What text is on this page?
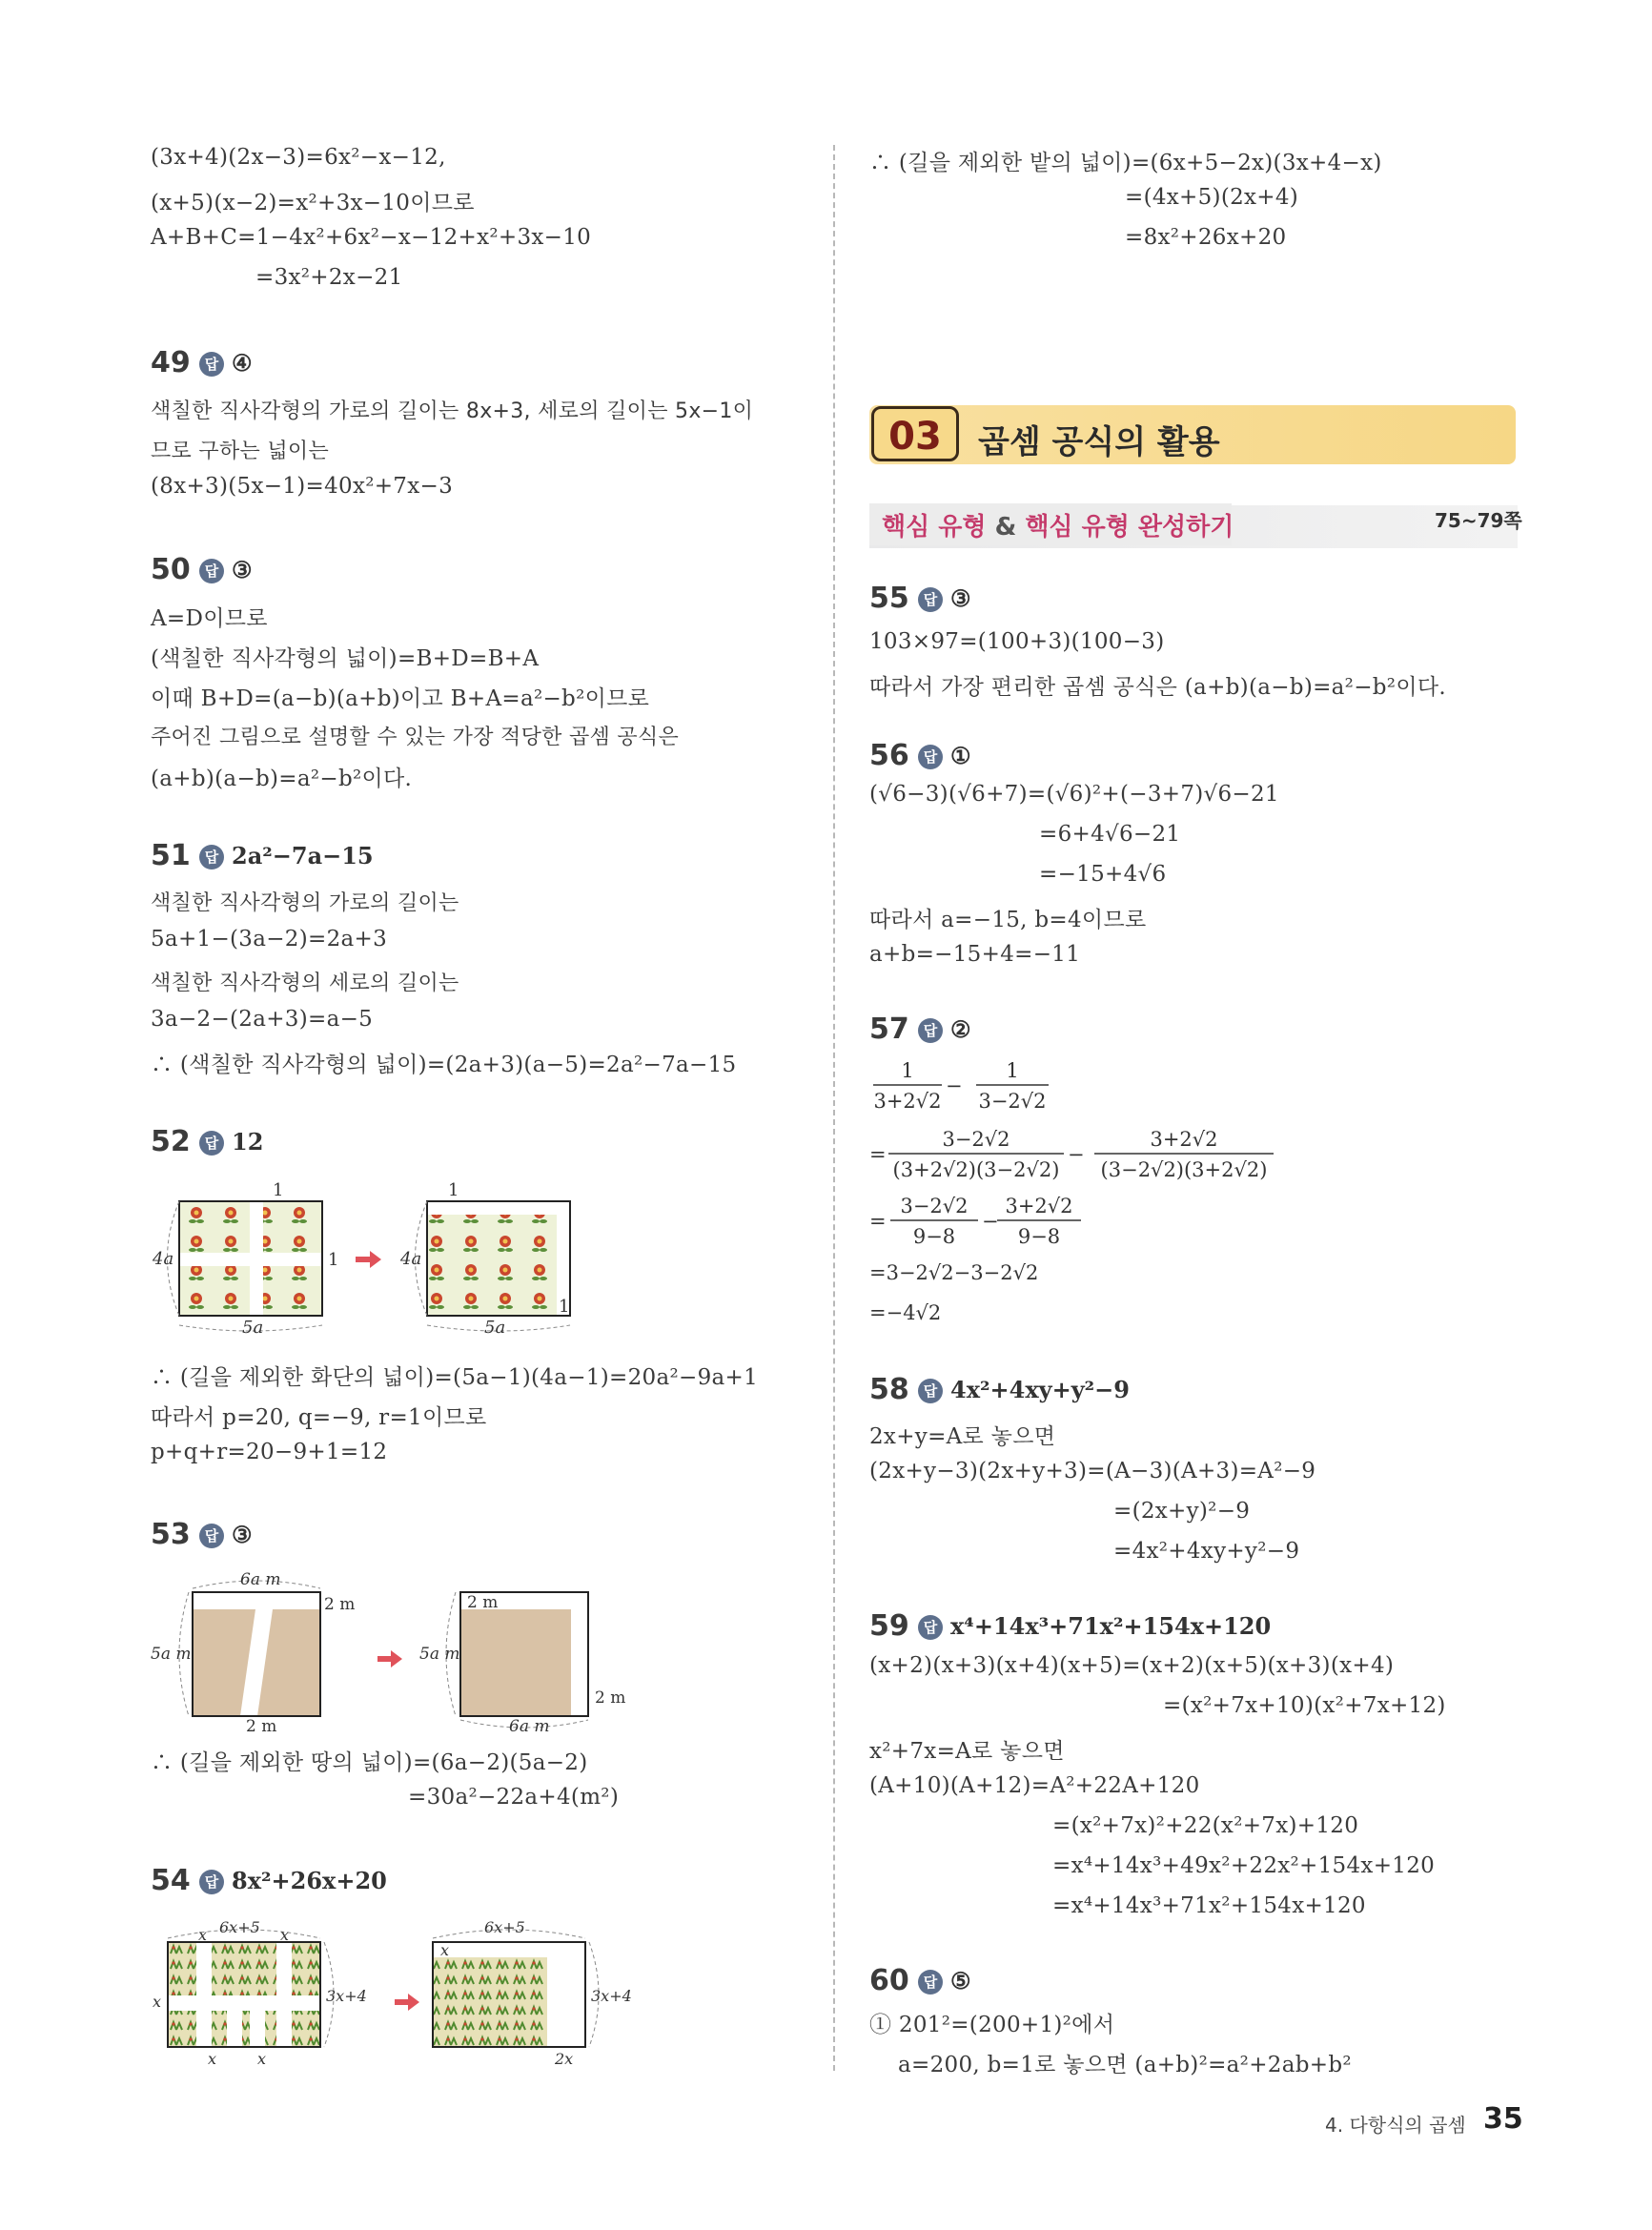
(3x+4)(2x−3)=6x²−x−12,
(x+5)(x−2)=x²+3x−10이므로
A+B+C=1−4x²+6x²−x−12+x²+3x−10
=3x²+2x−21
49	답 ④
색칠한 직사각형의 가로의 길이는 8x+3, 세로의 길이는 5x−1이
므로 구하는 넓이는
(8x+3)(5x−1)=40x²+7x−3
50	답 ③
A=D이므로
(색칠한 직사각형의 넓이)=B+D=B+A
이때 B+D=(a−b)(a+b)이고 B+A=a²−b²이므로
주어진 그림으로 설명할 수 있는 가장 적당한 곱셈 공식은
(a+b)(a−b)=a²−b²이다.
51	답 2a²−7a−15
색칠한 직사각형의 가로의 길이는
5a+1−(3a−2)=2a+3
색칠한 직사각형의 세로의 길이는
3a−2−(2a+3)=a−5
∴ (색칠한 직사각형의 넓이)=(2a+3)(a−5)=2a²−7a−15
52	답 12
1
4a	1
5a
1
4a
1
5a
∴ (길을 제외한 화단의 넓이)=(5a−1)(4a−1)=20a²−9a+1
따라서 p=20, q=−9, r=1이므로
p+q+r=20−9+1=12
53	답 ③
6a m
5a m
2 m
2 m
5a m
2 m
6a m
2 m
∴ (길을 제외한 땅의 넓이)=(6a−2)(5a−2)
=30a²−22a+4(m²)
54	답 8x²+26x+20
6x+5
x	x
x	3x+4
x	x
6x+5
x
3x+4
2x
∴ (길을 제외한 밭의 넓이)=(6x+5−2x)(3x+4−x)
=(4x+5)(2x+4)
=8x²+26x+20
03	곱셈 공식의 활용
핵심 유형 & 핵심 유형 완성하기	75~79쪽
55	답 ③
103×97=(100+3)(100−3)
따라서 가장 편리한 곱셈 공식은 (a+b)(a−b)=a²−b²이다.
56	답 ①
(√6−3)(√6+7)=(√6)²+(−3+7)√6−21
=6+4√6−21
=−15+4√6
따라서 a=−15, b=4이므로
a+b=−15+4=−11
57	답 ②
1
3+2√2
−
1
3−2√2
=
3−2√2
(3+2√2)(3−2√2)
−
3+2√2
(3−2√2)(3+2√2)
=
3−2√2
9−8
−
3+2√2
9−8
=3−2√2−3−2√2
=−4√2
58	답 4x²+4xy+y²−9
2x+y=A로 놓으면
(2x+y−3)(2x+y+3)=(A−3)(A+3)=A²−9
=(2x+y)²−9
=4x²+4xy+y²−9
59	답 x⁴+14x³+71x²+154x+120
(x+2)(x+3)(x+4)(x+5)=(x+2)(x+5)(x+3)(x+4)
=(x²+7x+10)(x²+7x+12)
x²+7x=A로 놓으면
(A+10)(A+12)=A²+22A+120
=(x²+7x)²+22(x²+7x)+120
=x⁴+14x³+49x²+22x²+154x+120
=x⁴+14x³+71x²+154x+120
60	답 ⑤
① 201²=(200+1)²에서
a=200, b=1로 놓으면 (a+b)²=a²+2ab+b²
4. 다항식의 곱셈 35
